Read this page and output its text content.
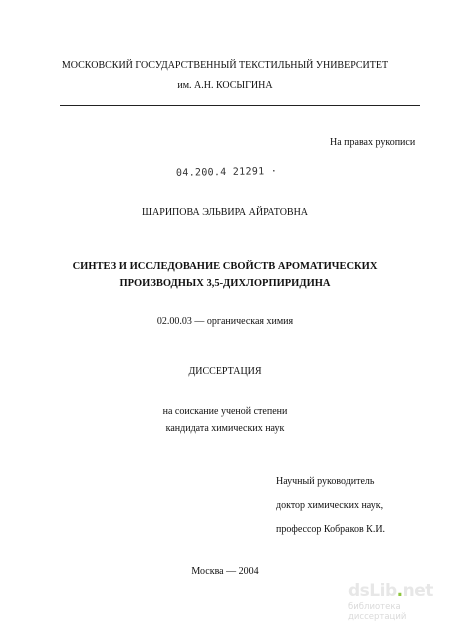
МОСКОВСКИЙ ГОСУДАРСТВЕННЫЙ ТЕКСТИЛЬНЫЙ УНИВЕРСИТЕТ
им. А.Н. КОСЫГИНА
На правах рукописи
04.200.4 21291 ·
ШАРИПОВА ЭЛЬВИРА АЙРАТОВНА
СИНТЕЗ И ИССЛЕДОВАНИЕ СВОЙСТВ АРОМАТИЧЕСКИХ
ПРОИЗВОДНЫХ 3,5-ДИХЛОРПИРИДИНА
02.00.03 — органическая химия
ДИССЕРТАЦИЯ
на соискание ученой степени
кандидата химических наук
Научный руководитель
доктор химических наук,
профессор Кобраков К.И.
Москва — 2004
dsLib.net
библиотека диссертаций
